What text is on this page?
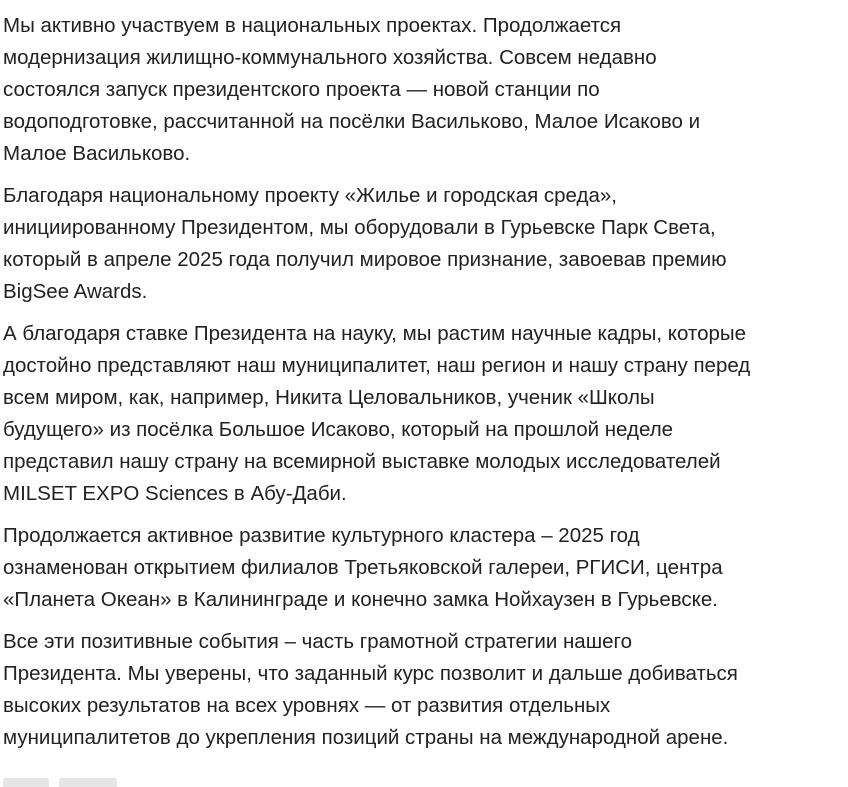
Мы активно участвуем в национальных проектах. Продолжается
модернизация жилищно-коммунального хозяйства. Совсем недавно
состоялся запуск президентского проекта — новой станции по
водоподготовке, рассчитанной на посёлки Васильково, Малое Исаково и
Малое Васильково.

Благодаря национальному проекту «Жилье и городская среда»,
инициированному Президентом, мы оборудовали в Гурьевске Парк Света,
который в апреле 2025 года получил мировое признание, завоевав премию
BigSee Awards.

А благодаря ставке Президента на науку, мы растим научные кадры, которые
достойно представляют наш муниципалитет, наш регион и нашу страну перед
всем миром, как, например, Никита Целовальников, ученик «Школы
будущего» из посёлка Большое Исаково, который на прошлой неделе
представил нашу страну на всемирной выставке молодых исследователей
MILSET EXPO Sciences в Абу-Даби.

Продолжается активное развитие культурного кластера – 2025 год
ознаменован открытием филиалов Третьяковской галереи, РГИСИ, центра
«Планета Океан» в Калининграде и конечно замка Нойхаузен в Гурьевске.

Все эти позитивные события – часть грамотной стратегии нашего
Президента. Мы уверены, что заданный курс позволит и дальше добиваться
высоких результатов на всех уровнях — от развития отдельных
муниципалитетов до укрепления позиций страны на международной арене.
